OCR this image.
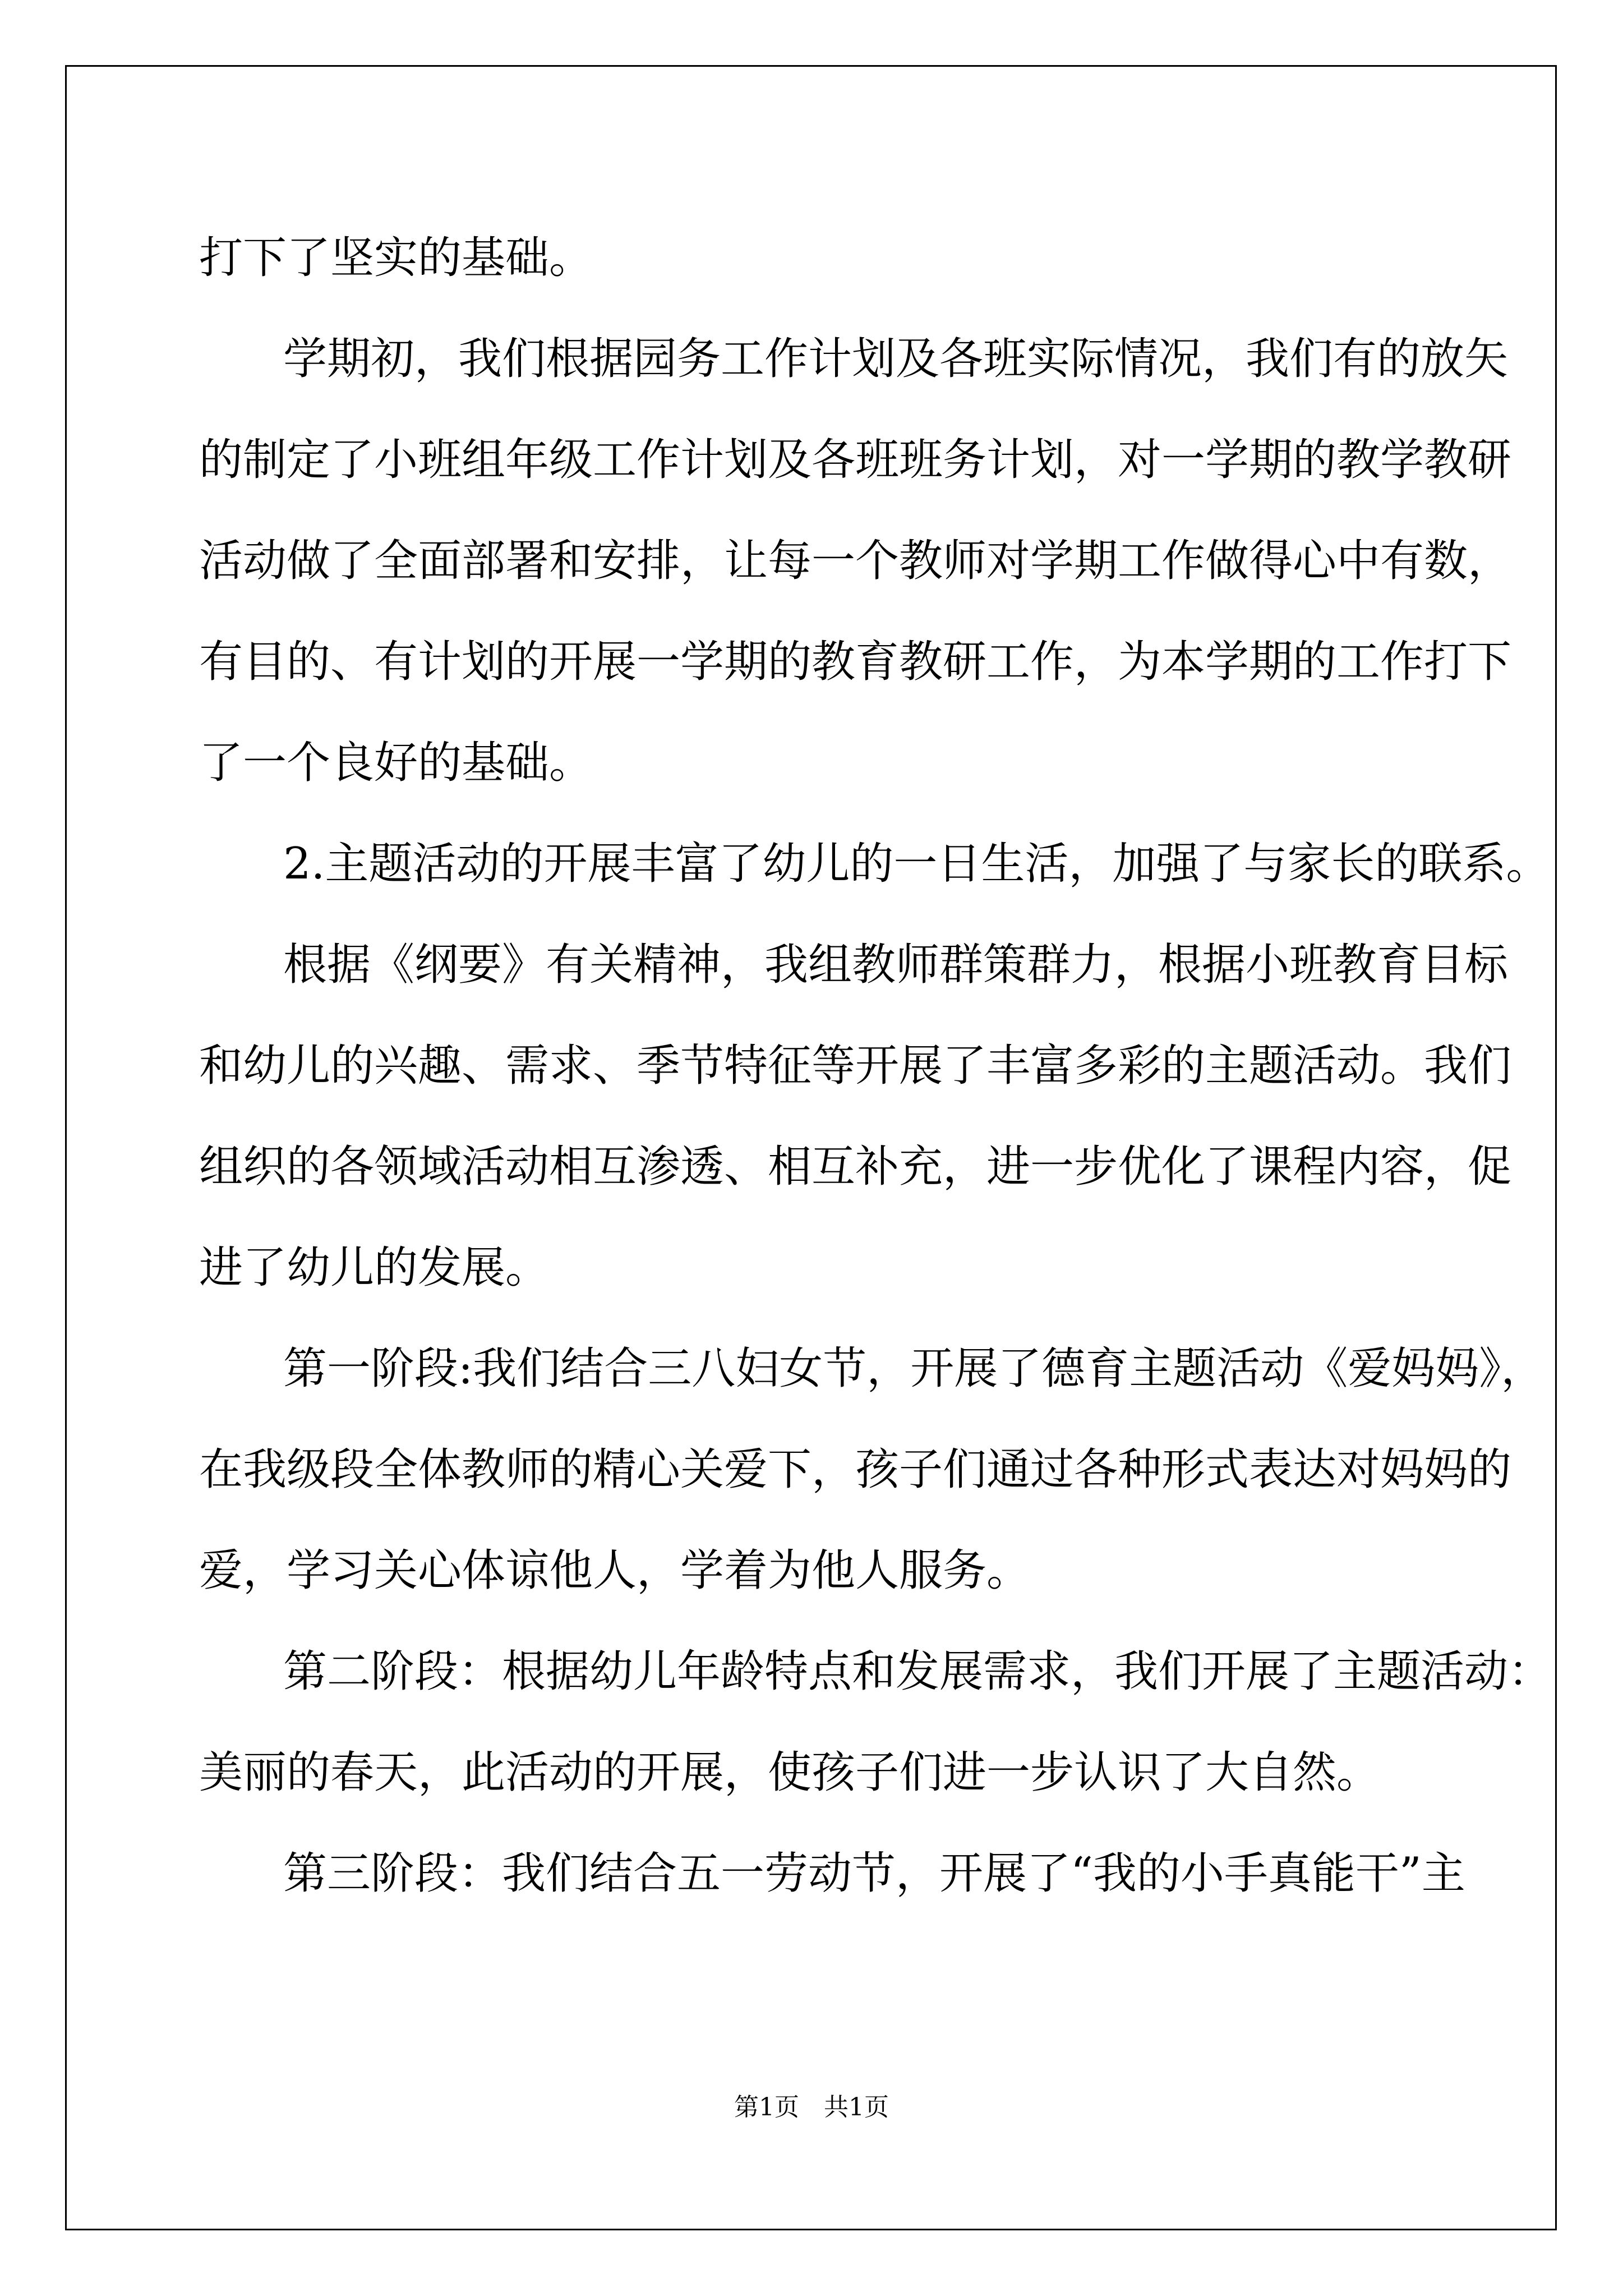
打下了坚实的基础。
学期初，我们根据园务工作计划及各班实际情况，我们有的放矢
的制定了小班组年级工作计划及各班班务计划，对一学期的教学教研
活动做了全面部署和安排，让每一个教师对学期工作做得心中有数，
有目的、有计划的开展一学期的教育教研工作，为本学期的工作打下
了一个良好的基础。
2.主题活动的开展丰富了幼儿的一日生活，加强了与家长的联系。
根据《纲要》有关精神，我组教师群策群力，根据小班教育目标
和幼儿的兴趣、需求、季节特征等开展了丰富多彩的主题活动。我们
组织的各领域活动相互渗透、相互补充，进一步优化了课程内容，促
进了幼儿的发展。
第一阶段:我们结合三八妇女节，开展了德育主题活动《爱妈妈》，
在我级段全体教师的精心关爱下，孩子们通过各种形式表达对妈妈的
爱，学习关心体谅他人，学着为他人服务。
第二阶段：根据幼儿年龄特点和发展需求，我们开展了主题活动：
美丽的春天，此活动的开展，使孩子们进一步认识了大自然。
第三阶段：我们结合五一劳动节，开展了“我的小手真能干”主
第1页　共1页
